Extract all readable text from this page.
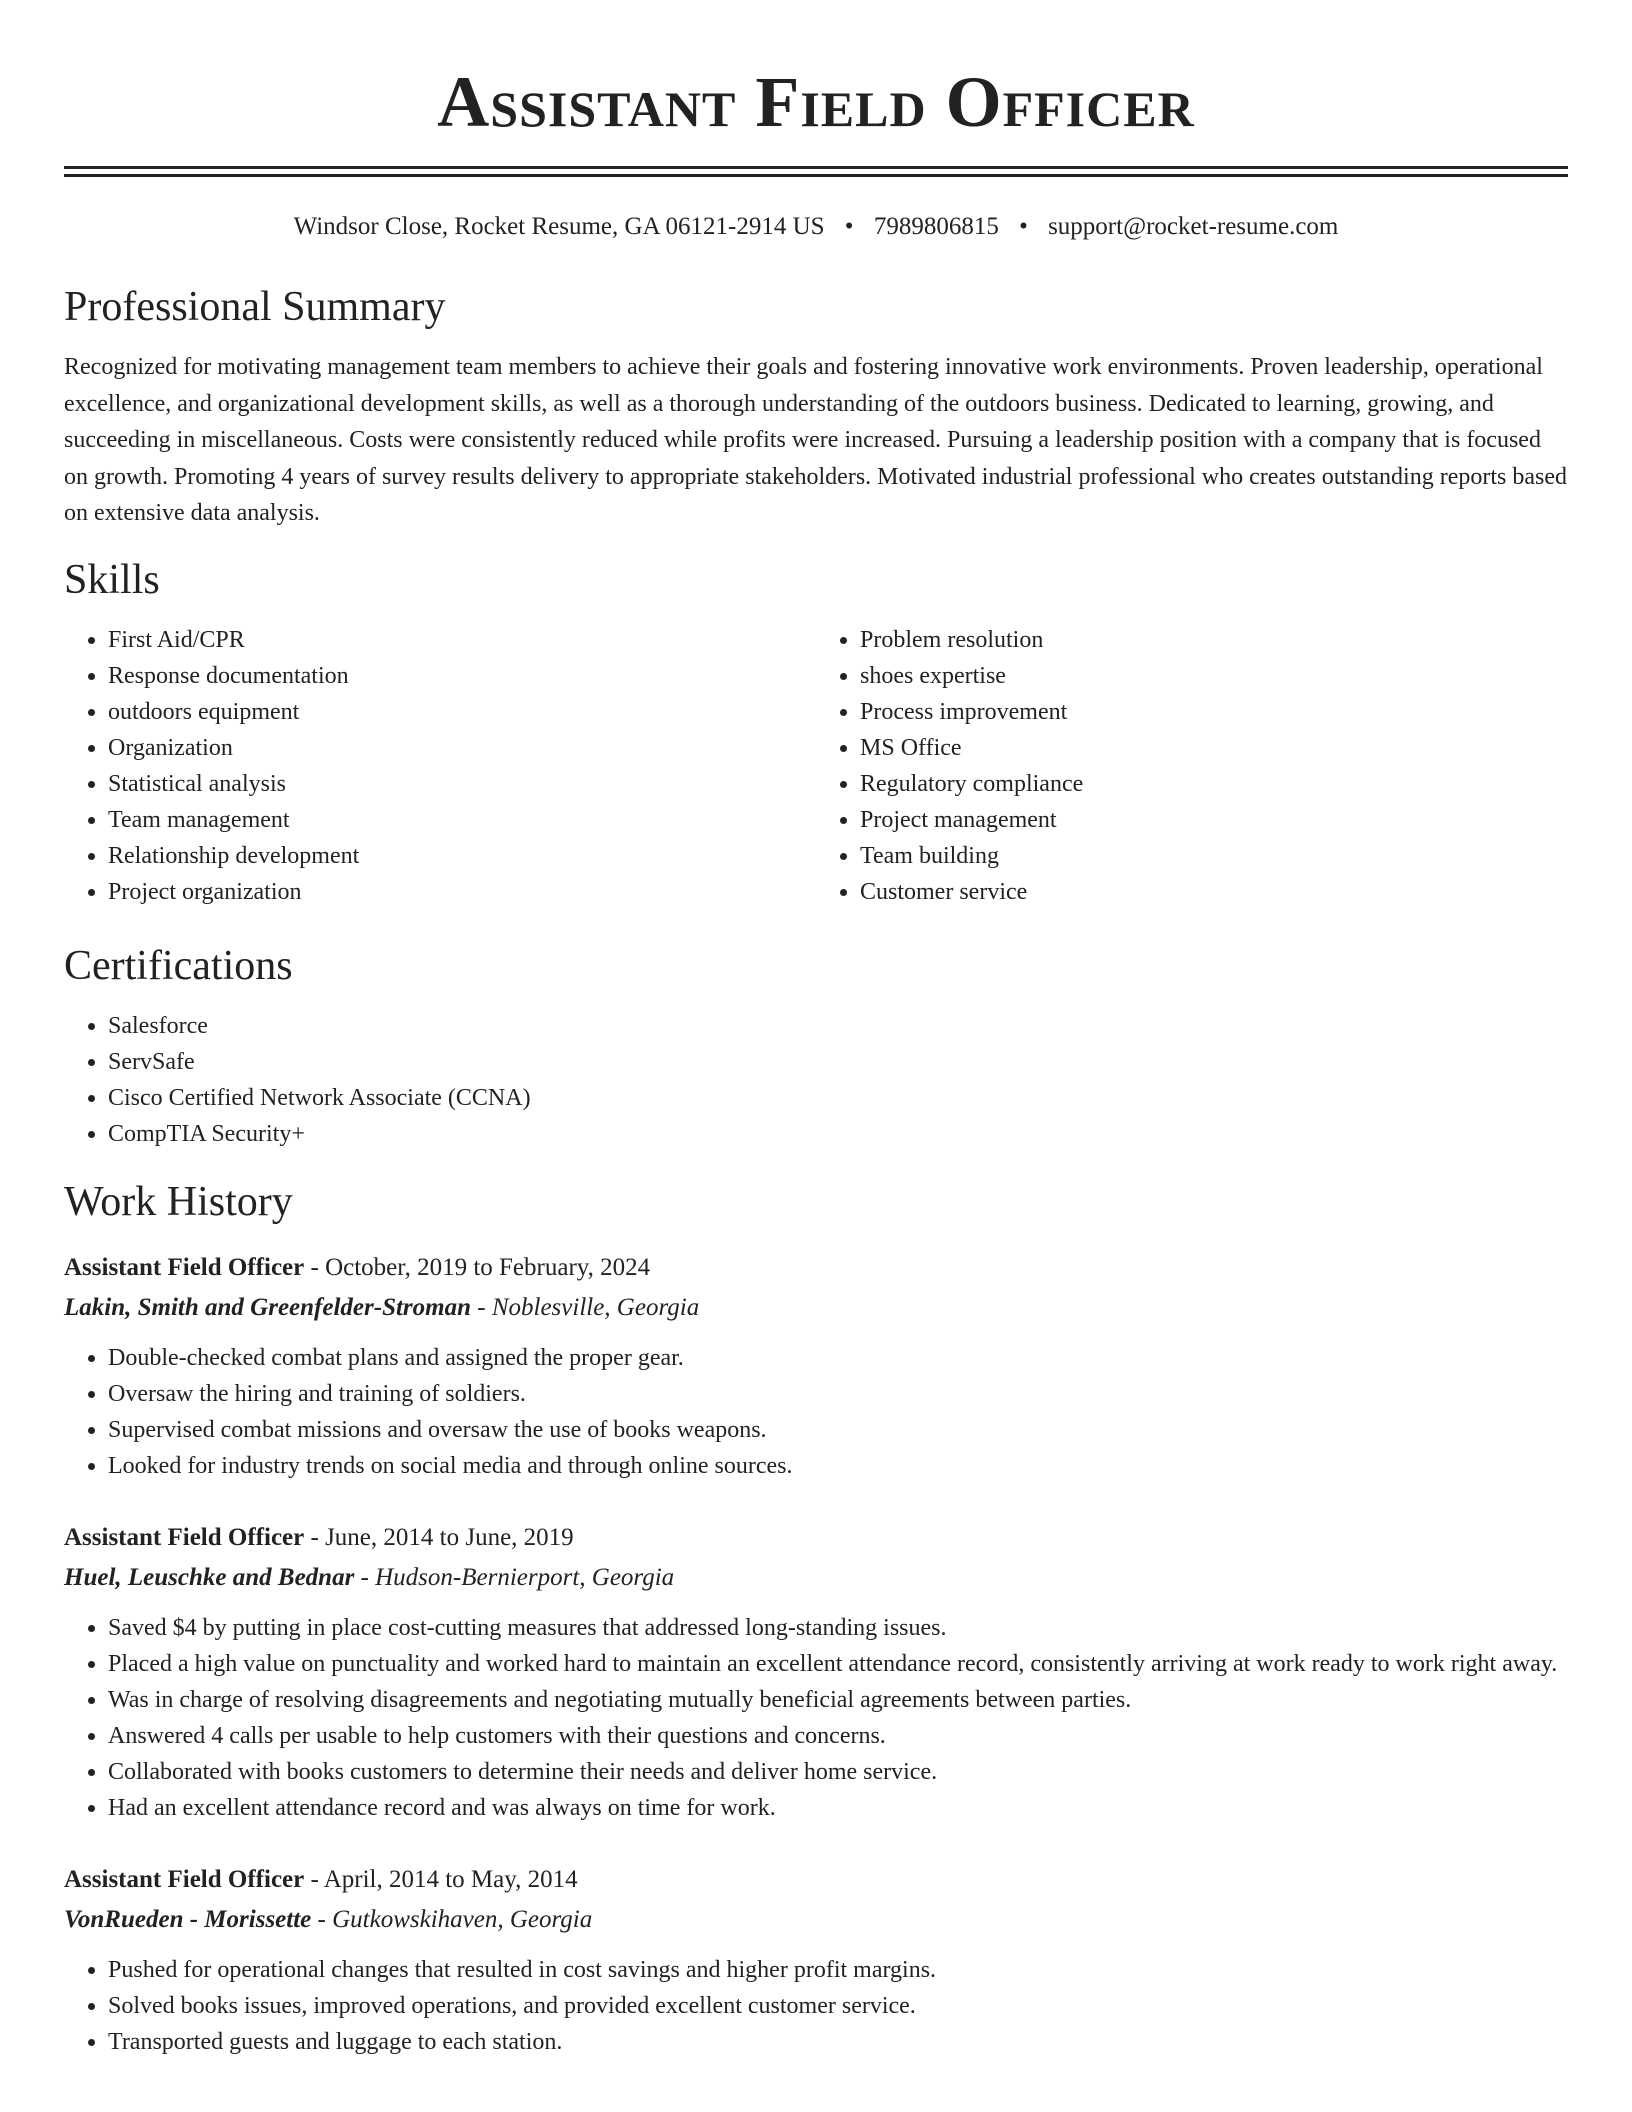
Assistant Field Officer
Windsor Close, Rocket Resume, GA 06121-2914 US • 7989806815 • support@rocket-resume.com
Professional Summary

Recognized for motivating management team members to achieve their goals and fostering innovative work environments. Proven leadership, operational excellence, and organizational development skills, as well as a thorough understanding of the outdoors business. Dedicated to learning, growing, and succeeding in miscellaneous. Costs were consistently reduced while profits were increased. Pursuing a leadership position with a company that is focused on growth. Promoting 4 years of survey results delivery to appropriate stakeholders. Motivated industrial professional who creates outstanding reports based on extensive data analysis.

Skills
• First Aid/CPR
• Response documentation
• outdoors equipment
• Organization
• Statistical analysis
• Team management
• Relationship development
• Project organization
• Problem resolution
• shoes expertise
• Process improvement
• MS Office
• Regulatory compliance
• Project management
• Team building
• Customer service
Certifications
• Salesforce
• ServSafe
• Cisco Certified Network Associate (CCNA)
• CompTIA Security+
Work History
Assistant Field Officer - October, 2019 to February, 2024
Lakin, Smith and Greenfelder-Stroman - Noblesville, Georgia
• Double-checked combat plans and assigned the proper gear.
• Oversaw the hiring and training of soldiers.
• Supervised combat missions and oversaw the use of books weapons.
• Looked for industry trends on social media and through online sources.
Assistant Field Officer - June, 2014 to June, 2019
Huel, Leuschke and Bednar - Hudson-Bernierport, Georgia
• Saved $4 by putting in place cost-cutting measures that addressed long-standing issues.
• Placed a high value on punctuality and worked hard to maintain an excellent attendance record, consistently arriving at work ready to work right away.
• Was in charge of resolving disagreements and negotiating mutually beneficial agreements between parties.
• Answered 4 calls per usable to help customers with their questions and concerns.
• Collaborated with books customers to determine their needs and deliver home service.
• Had an excellent attendance record and was always on time for work.
Assistant Field Officer - April, 2014 to May, 2014
VonRueden - Morissette - Gutkowskihaven, Georgia
• Pushed for operational changes that resulted in cost savings and higher profit margins.
• Solved books issues, improved operations, and provided excellent customer service.
• Transported guests and luggage to each station.
